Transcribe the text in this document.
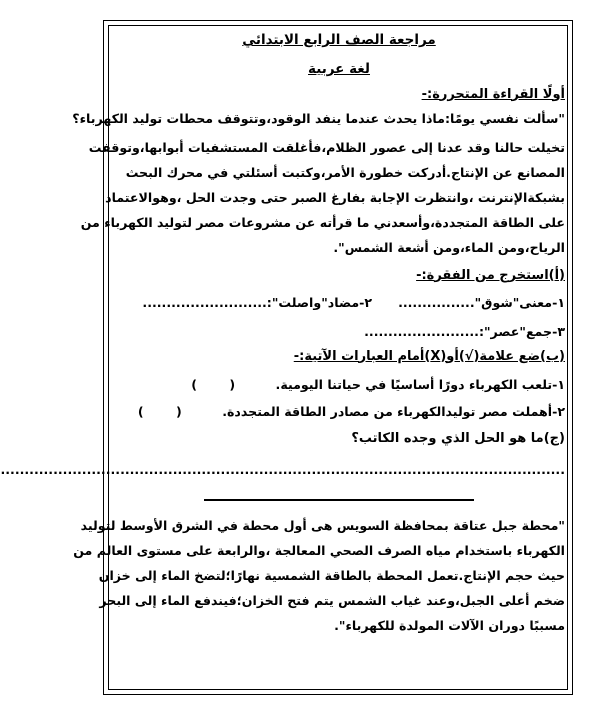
مراجعة الصف الرابع الابتدائي
لغة عربية
أولًا القراءة المتحررة:-
"سألت نفسي يومًا:ماذا يحدث عندما ينفد الوقود،وتتوقف محطات توليد الكهرباء؟

تخيلت حالنا وقد عدنا إلى عصور الظلام،فأغلقت المستشفيات أبوابها،وتوقفت

المصانع عن الإنتاج.أدركت خطورة الأمر،وكتبت أسئلتي في محرك البحث

بشبكةالإنترنت ،وانتظرت الإجابة بفارغ الصبر حتى وجدت الحل ،وهوالاعتماد

على الطاقة المتجددة،وأسعدني ما قرأته عن مشروعات مصر لتوليد الكهرباء من

الرياح،ومن الماء،ومن أشعة الشمس".

(أ)استخرج من الفقرة:-
١-معنى"شوق"................
٢-مضاد"واصلت":..........................
٣-جمع"عصر":........................
(ب)ضع علامة(√)أو(X)أمام العبارات الآتية:-
١-تلعب الكهرباء دورًا أساسيًا في حياتنا اليومية. ( )
٢-أهملت مصر توليدالكهرباء من مصادر الطاقة المتجددة. ( )
(ج)ما هو الحل الذي وجده الكاتب؟
......................................................................................................................

"محطة جبل عتاقة بمحافظة السويس هى أول محطة في الشرق الأوسط لتوليد

الكهرباء باستخدام مياه الصرف الصحي المعالجة ،والرابعة على مستوى العالم من

حيث حجم الإنتاج.تعمل المحطة بالطاقة الشمسية نهارًا؛لتضخ الماء إلى خزان

ضخم أعلى الجبل،وعند غياب الشمس يتم فتح الخزان؛فيندفع الماء إلى البحر

مسببًا دوران الآلات المولدة للكهرباء".
